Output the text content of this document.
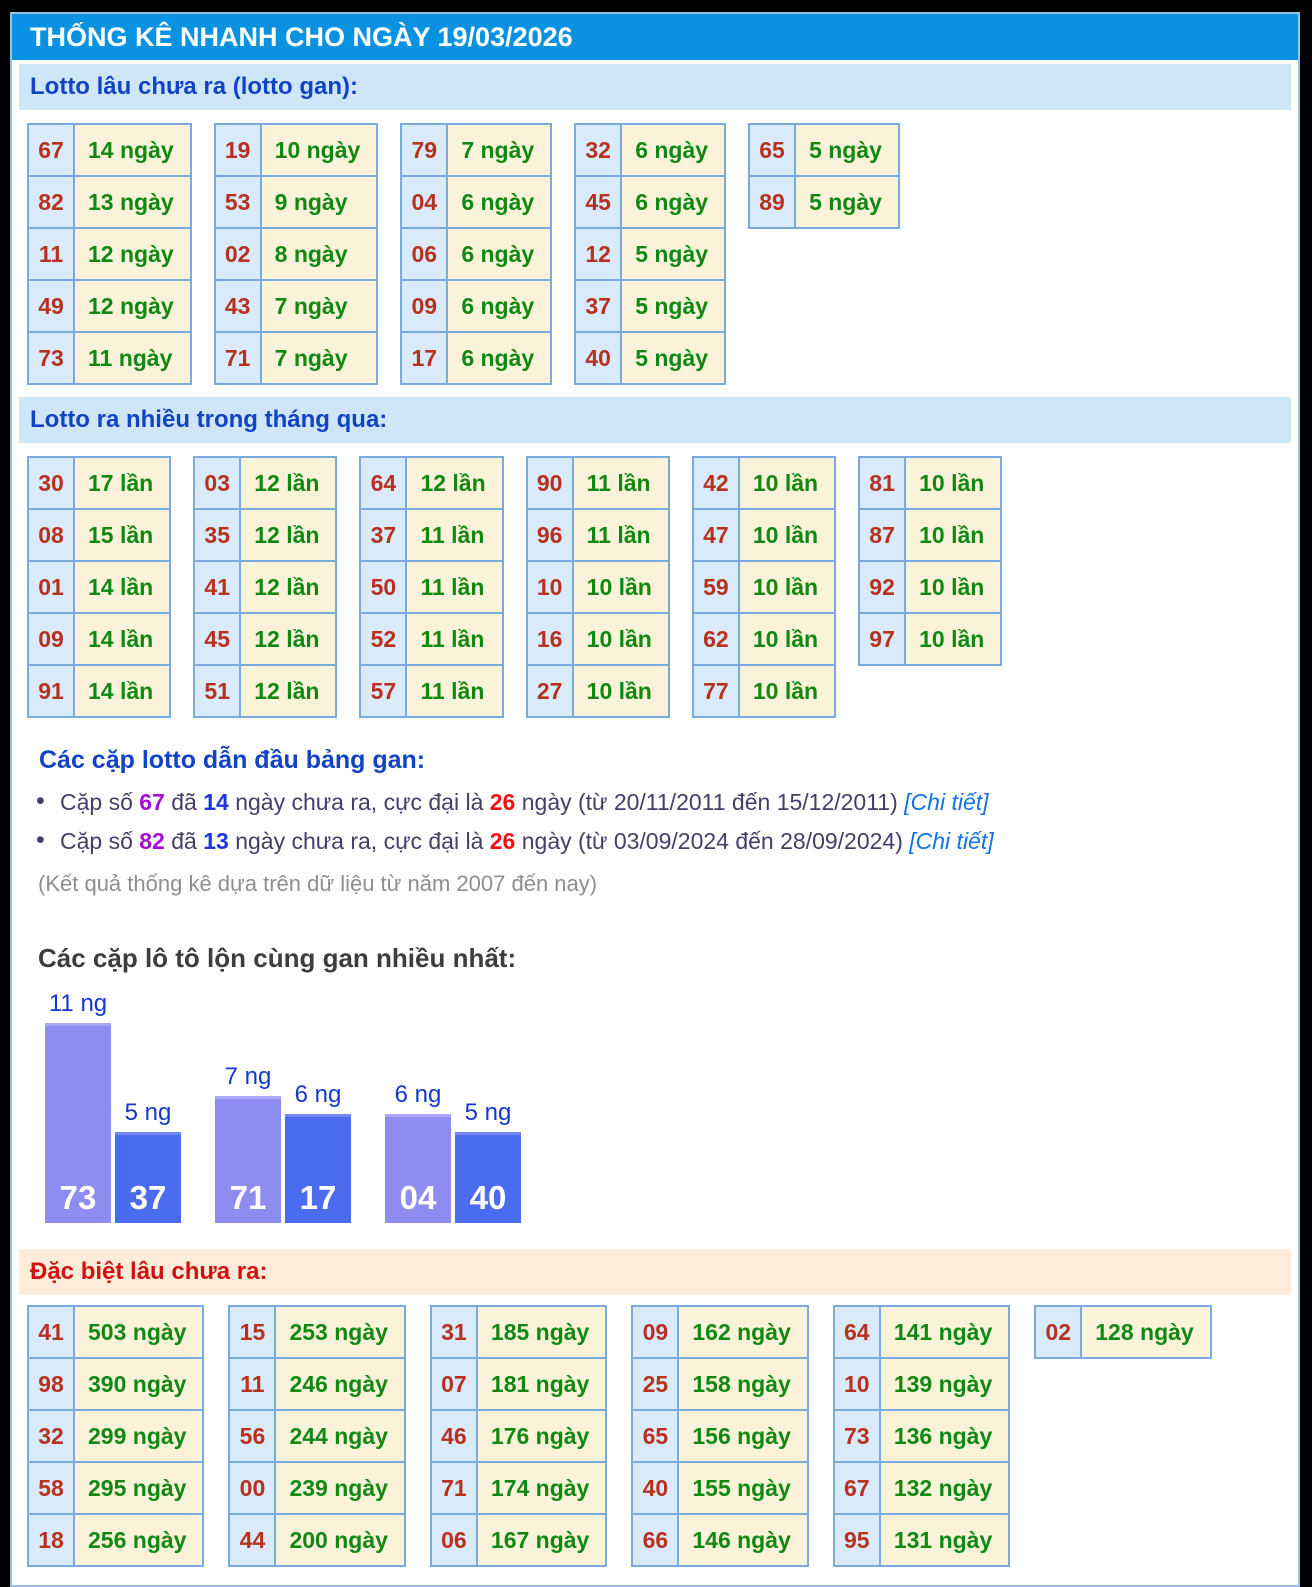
THỐNG KÊ NHANH CHO NGÀY 19/03/2026
Lotto lâu chưa ra (lotto gan):
67	14 ngày
82	13 ngày
11	12 ngày
49	12 ngày
73	11 ngày
19	10 ngày
53	9 ngày
02	8 ngày
43	7 ngày
71	7 ngày
79	7 ngày
04	6 ngày
06	6 ngày
09	6 ngày
17	6 ngày
32	6 ngày
45	6 ngày
12	5 ngày
37	5 ngày
40	5 ngày
65	5 ngày
89	5 ngày
Lotto ra nhiều trong tháng qua:
30	17 lần
08	15 lần
01	14 lần
09	14 lần
91	14 lần
03	12 lần
35	12 lần
41	12 lần
45	12 lần
51	12 lần
64	12 lần
37	11 lần
50	11 lần
52	11 lần
57	11 lần
90	11 lần
96	11 lần
10	10 lần
16	10 lần
27	10 lần
42	10 lần
47	10 lần
59	10 lần
62	10 lần
77	10 lần
81	10 lần
87	10 lần
92	10 lần
97	10 lần
Các cặp lotto dẫn đầu bảng gan:
• Cặp số 67 đã 14 ngày chưa ra, cực đại là 26 ngày (từ 20/11/2011 đến 15/12/2011) [Chi tiết]
• Cặp số 82 đã 13 ngày chưa ra, cực đại là 26 ngày (từ 03/09/2024 đến 28/09/2024) [Chi tiết]
(Kết quả thống kê dựa trên dữ liệu từ năm 2007 đến nay)
Các cặp lô tô lộn cùng gan nhiều nhất:
11 ng
73
5 ng
37
7 ng
71
6 ng
17
6 ng
04
5 ng
40
Đặc biệt lâu chưa ra:
41	503 ngày
98	390 ngày
32	299 ngày
58	295 ngày
18	256 ngày
15	253 ngày
11	246 ngày
56	244 ngày
00	239 ngày
44	200 ngày
31	185 ngày
07	181 ngày
46	176 ngày
71	174 ngày
06	167 ngày
09	162 ngày
25	158 ngày
65	156 ngày
40	155 ngày
66	146 ngày
64	141 ngày
10	139 ngày
73	136 ngày
67	132 ngày
95	131 ngày
02	128 ngày
